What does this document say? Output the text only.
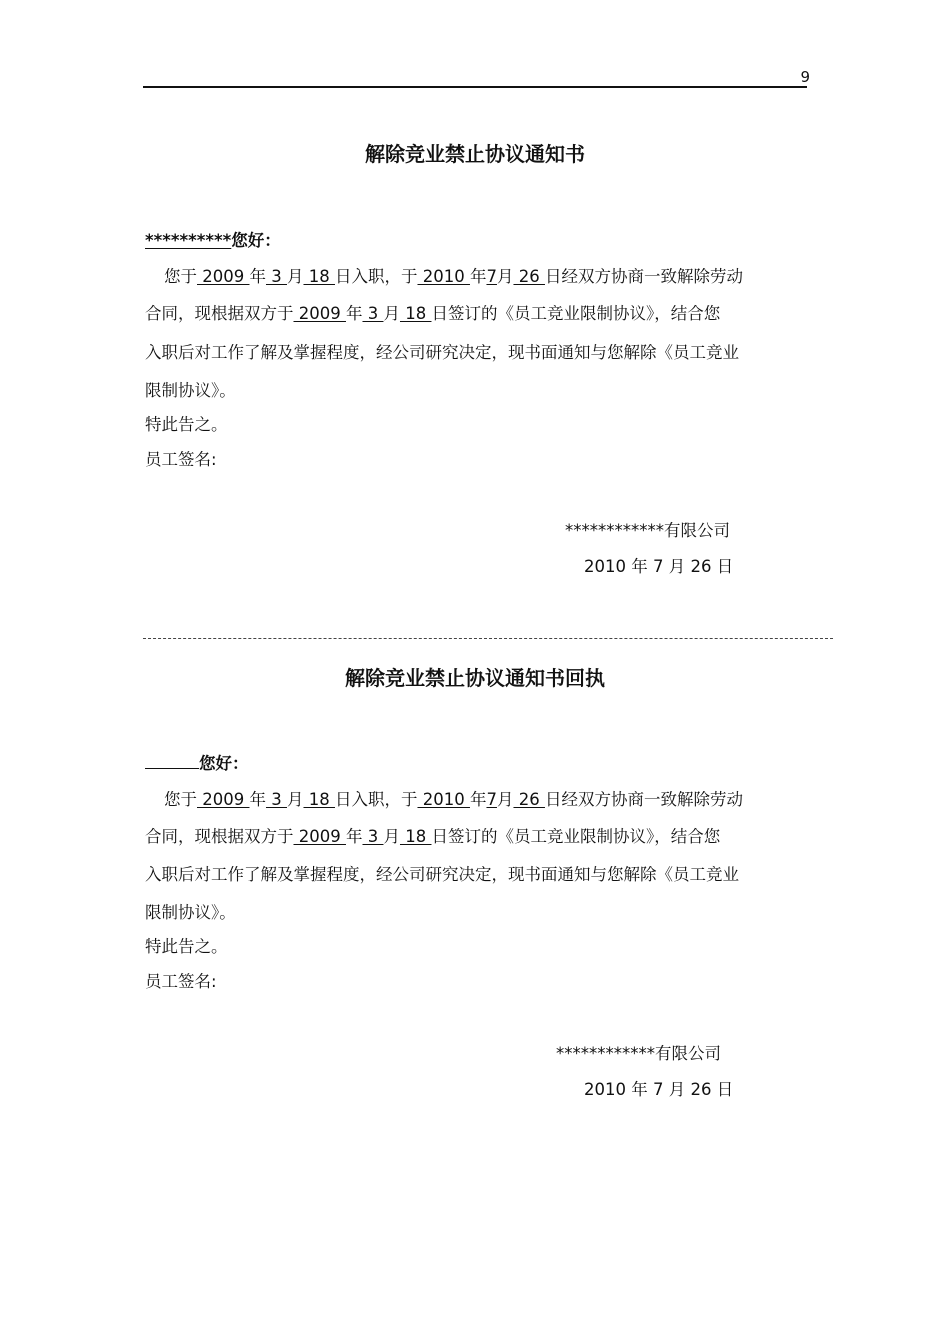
9
解除竞业禁止协议通知书
**********您好：
您于 2009 年 3 月 18 日入职，于 2010 年7月 26 日经双方协商一致解除劳动
合同，现根据双方于 2009 年 3 月 18 日签订的《员工竞业限制协议》，结合您
入职后对工作了解及掌握程度，经公司研究决定，现书面通知与您解除《员工竞业
限制协议》。
特此告之。
员工签名:
************有限公司
2010 年 7 月 26 日
解除竞业禁止协议通知书回执
您好：
您于 2009 年 3 月 18 日入职，于 2010 年7月 26 日经双方协商一致解除劳动
合同，现根据双方于 2009 年 3 月 18 日签订的《员工竞业限制协议》，结合您
入职后对工作了解及掌握程度，经公司研究决定，现书面通知与您解除《员工竞业
限制协议》。
特此告之。
员工签名:
************有限公司
2010 年 7 月 26 日
